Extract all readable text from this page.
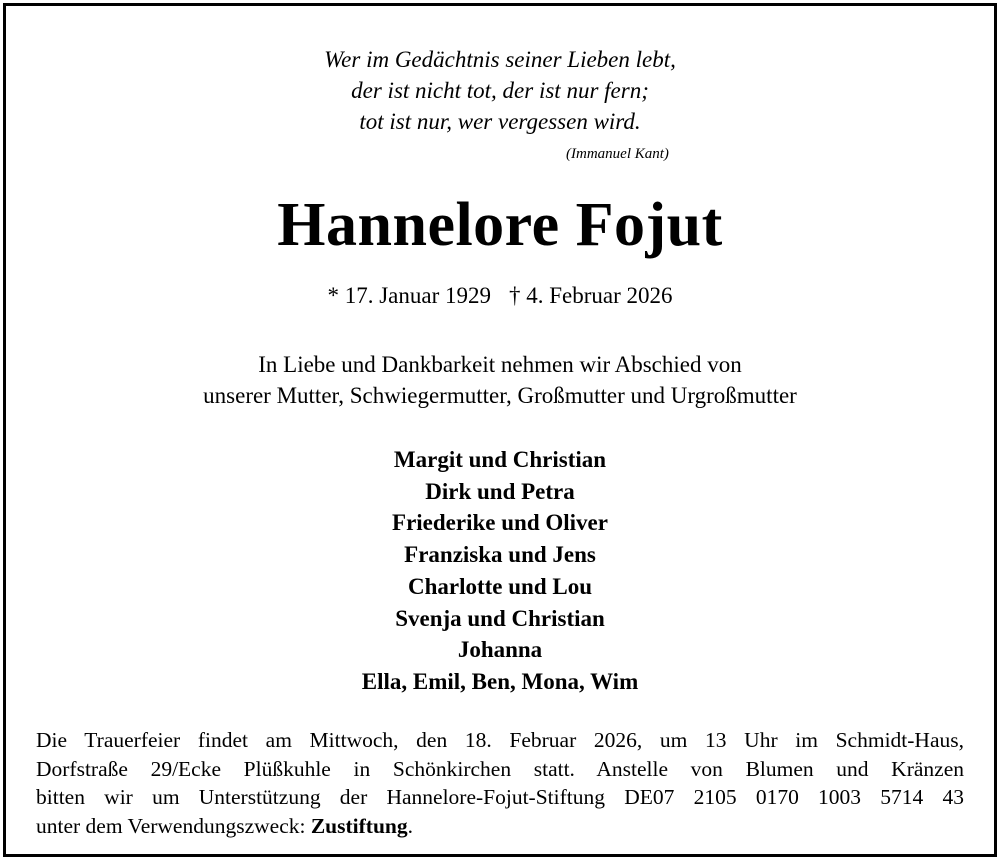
Wer im Gedächtnis seiner Lieben lebt,
der ist nicht tot, der ist nur fern;
tot ist nur, wer vergessen wird.
(Immanuel Kant)
Hannelore Fojut
* 17. Januar 1929 † 4. Februar 2026
In Liebe und Dankbarkeit nehmen wir Abschied von
unserer Mutter, Schwiegermutter, Großmutter und Urgroßmutter
Margit und Christian
Dirk und Petra
Friederike und Oliver
Franziska und Jens
Charlotte und Lou
Svenja und Christian
Johanna
Ella, Emil, Ben, Mona, Wim
Die Trauerfeier findet am Mittwoch, den 18. Februar 2026, um 13 Uhr im Schmidt-Haus,
Dorfstraße 29/Ecke Plüßkuhle in Schönkirchen statt. Anstelle von Blumen und Kränzen
bitten wir um Unterstützung der Hannelore-Fojut-Stiftung DE07 2105 0170 1003 5714 43
unter dem Verwendungszweck: Zustiftung.
